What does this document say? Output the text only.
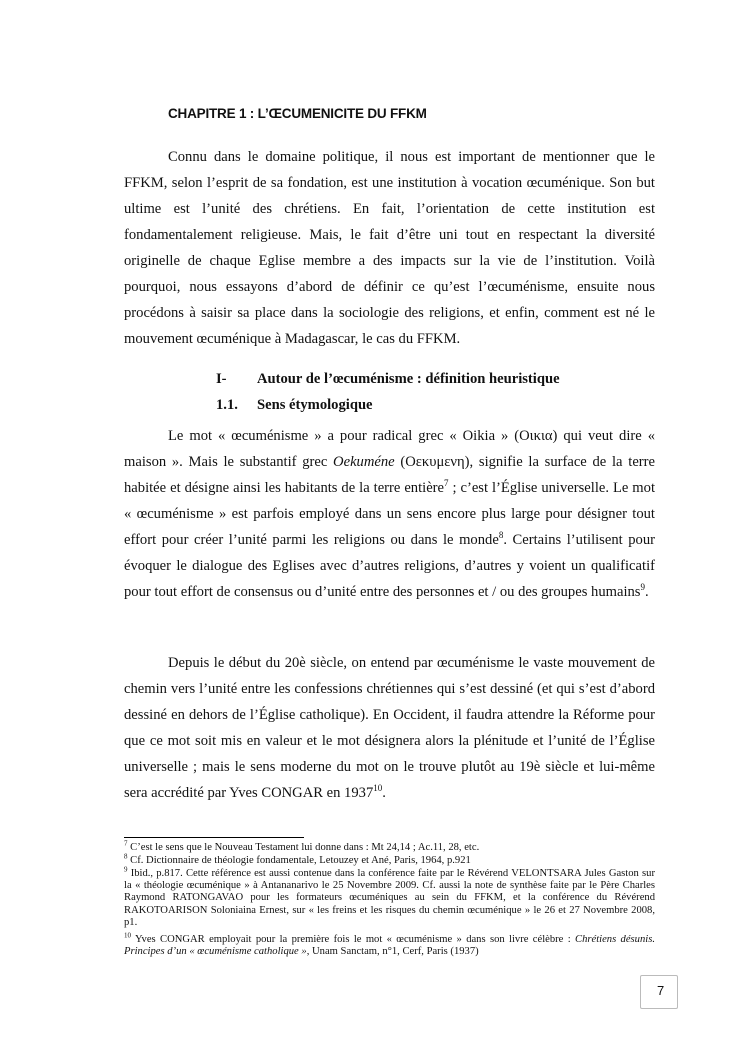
CHAPITRE 1 : L’ŒCUMENICITE DU FFKM

Connu dans le domaine politique, il nous est important de mentionner que le FFKM, selon l’esprit de sa fondation, est une institution à vocation œcuménique. Son but ultime est l’unité des chrétiens. En fait, l’orientation de cette institution est fondamentalement religieuse. Mais, le fait d’être uni tout en respectant la diversité originelle de chaque Eglise membre a des impacts sur la vie de l’institution. Voilà pourquoi, nous essayons d’abord de définir ce qu’est l’œcuménisme, ensuite nous procédons à saisir sa place dans la sociologie des religions, et enfin, comment est né le mouvement œcuménique à Madagascar, le cas du FFKM.

I- Autour de l’œcuménisme : définition heuristique
1.1. Sens étymologique

Le mot « œcuménisme » a pour radical grec « Oikia » (Οικια) qui veut dire « maison ». Mais le substantif grec Oekuméne (Οεκυμενη), signifie la surface de la terre habitée et désigne ainsi les habitants de la terre entière$^7$ ; c’est l’Église universelle. Le mot « œcuménisme » est parfois employé dans un sens encore plus large pour désigner tout effort pour créer l’unité parmi les religions ou dans le monde$^8$. Certains l’utilisent pour évoquer le dialogue des Eglises avec d’autres religions, d’autres y voient un qualificatif pour tout effort de consensus ou d’unité entre des personnes et / ou des groupes humains$^9$.

Depuis le début du 20è siècle, on entend par œcuménisme le vaste mouvement de chemin vers l’unité entre les confessions chrétiennes qui s’est dessiné (et qui s’est d’abord dessiné en dehors de l’Église catholique). En Occident, il faudra attendre la Réforme pour que ce mot soit mis en valeur et le mot désignera alors la plénitude et l’unité de l’Église universelle ; mais le sens moderne du mot on le trouve plutôt au 19è siècle et lui-même sera accrédité par Yves CONGAR en 1937$^{10}$.

$^7$ C’est le sens que le Nouveau Testament lui donne dans : Mt 24,14 ; Ac.11, 28, etc.

$^8$ Cf. Dictionnaire de théologie fondamentale, Letouzey et Ané, Paris, 1964, p.921

$^9$ Ibid., p.817. Cette référence est aussi contenue dans la conférence faite par le Révérend VELONTSARA Jules Gaston sur la « théologie œcuménique » à Antananarivo le 25 Novembre 2009. Cf. aussi la note de synthèse faite par le Père Charles Raymond RATONGAVAO pour les formateurs œcuméniques au sein du FFKM, et la conférence du Révérend RAKOTOARISON Soloniaina Ernest, sur « les freins et les risques du chemin œcuménique » le 26 et 27 Novembre 2008, p1.

$^{10}$ Yves CONGAR employait pour la première fois le mot « œcuménisme » dans son livre célèbre : Chrétiens désunis. Principes d’un « œcuménisme catholique », Unam Sanctam, n°1, Cerf, Paris (1937)

7
